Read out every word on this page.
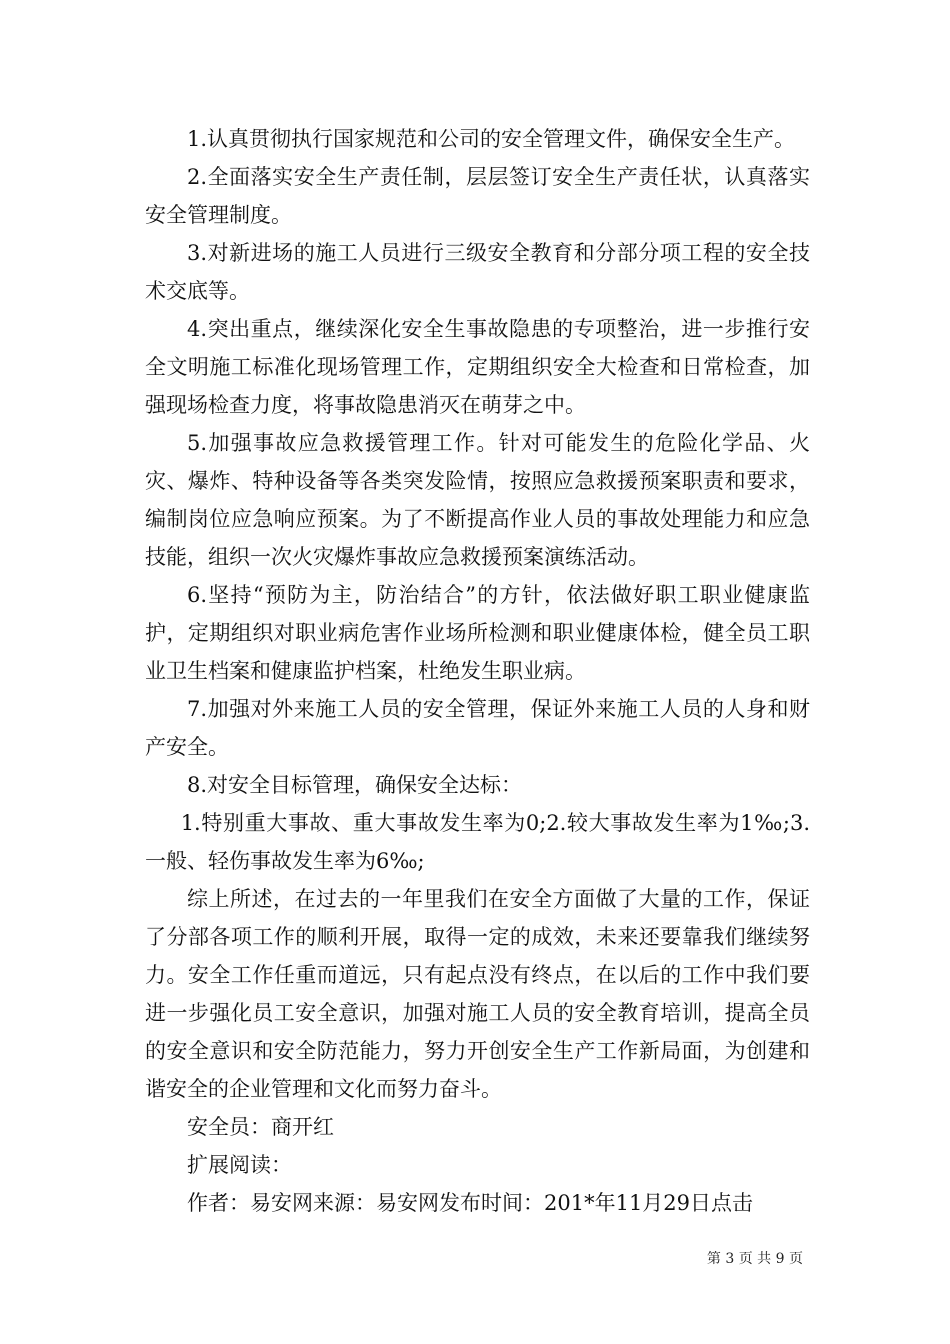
1.认真贯彻执行国家规范和公司的安全管理文件，确保安全生产。

2.全面落实安全生产责任制，层层签订安全生产责任状，认真落实安全管理制度。

3.对新进场的施工人员进行三级安全教育和分部分项工程的安全技术交底等。

4.突出重点，继续深化安全生事故隐患的专项整治，进一步推行安全文明施工标准化现场管理工作，定期组织安全大检查和日常检查，加强现场检查力度，将事故隐患消灭在萌芽之中。

5.加强事故应急救援管理工作。针对可能发生的危险化学品、火灾、爆炸、特种设备等各类突发险情，按照应急救援预案职责和要求，编制岗位应急响应预案。为了不断提高作业人员的事故处理能力和应急技能，组织一次火灾爆炸事故应急救援预案演练活动。

6.坚持“预防为主，防治结合”的方针，依法做好职工职业健康监护，定期组织对职业病危害作业场所检测和职业健康体检，健全员工职业卫生档案和健康监护档案，杜绝发生职业病。

7.加强对外来施工人员的安全管理，保证外来施工人员的人身和财产安全。

8.对安全目标管理，确保安全达标：

1.特别重大事故、重大事故发生率为0;2.较大事故发生率为1‰;3.一般、轻伤事故发生率为6‰;

综上所述，在过去的一年里我们在安全方面做了大量的工作，保证了分部各项工作的顺利开展，取得一定的成效，未来还要靠我们继续努力。安全工作任重而道远，只有起点没有终点，在以后的工作中我们要进一步强化员工安全意识，加强对施工人员的安全教育培训，提高全员的安全意识和安全防范能力，努力开创安全生产工作新局面，为创建和谐安全的企业管理和文化而努力奋斗。

安全员：商开红

扩展阅读：

作者：易安网来源：易安网发布时间：201*年11月29日点击

第 3 页 共 9 页
